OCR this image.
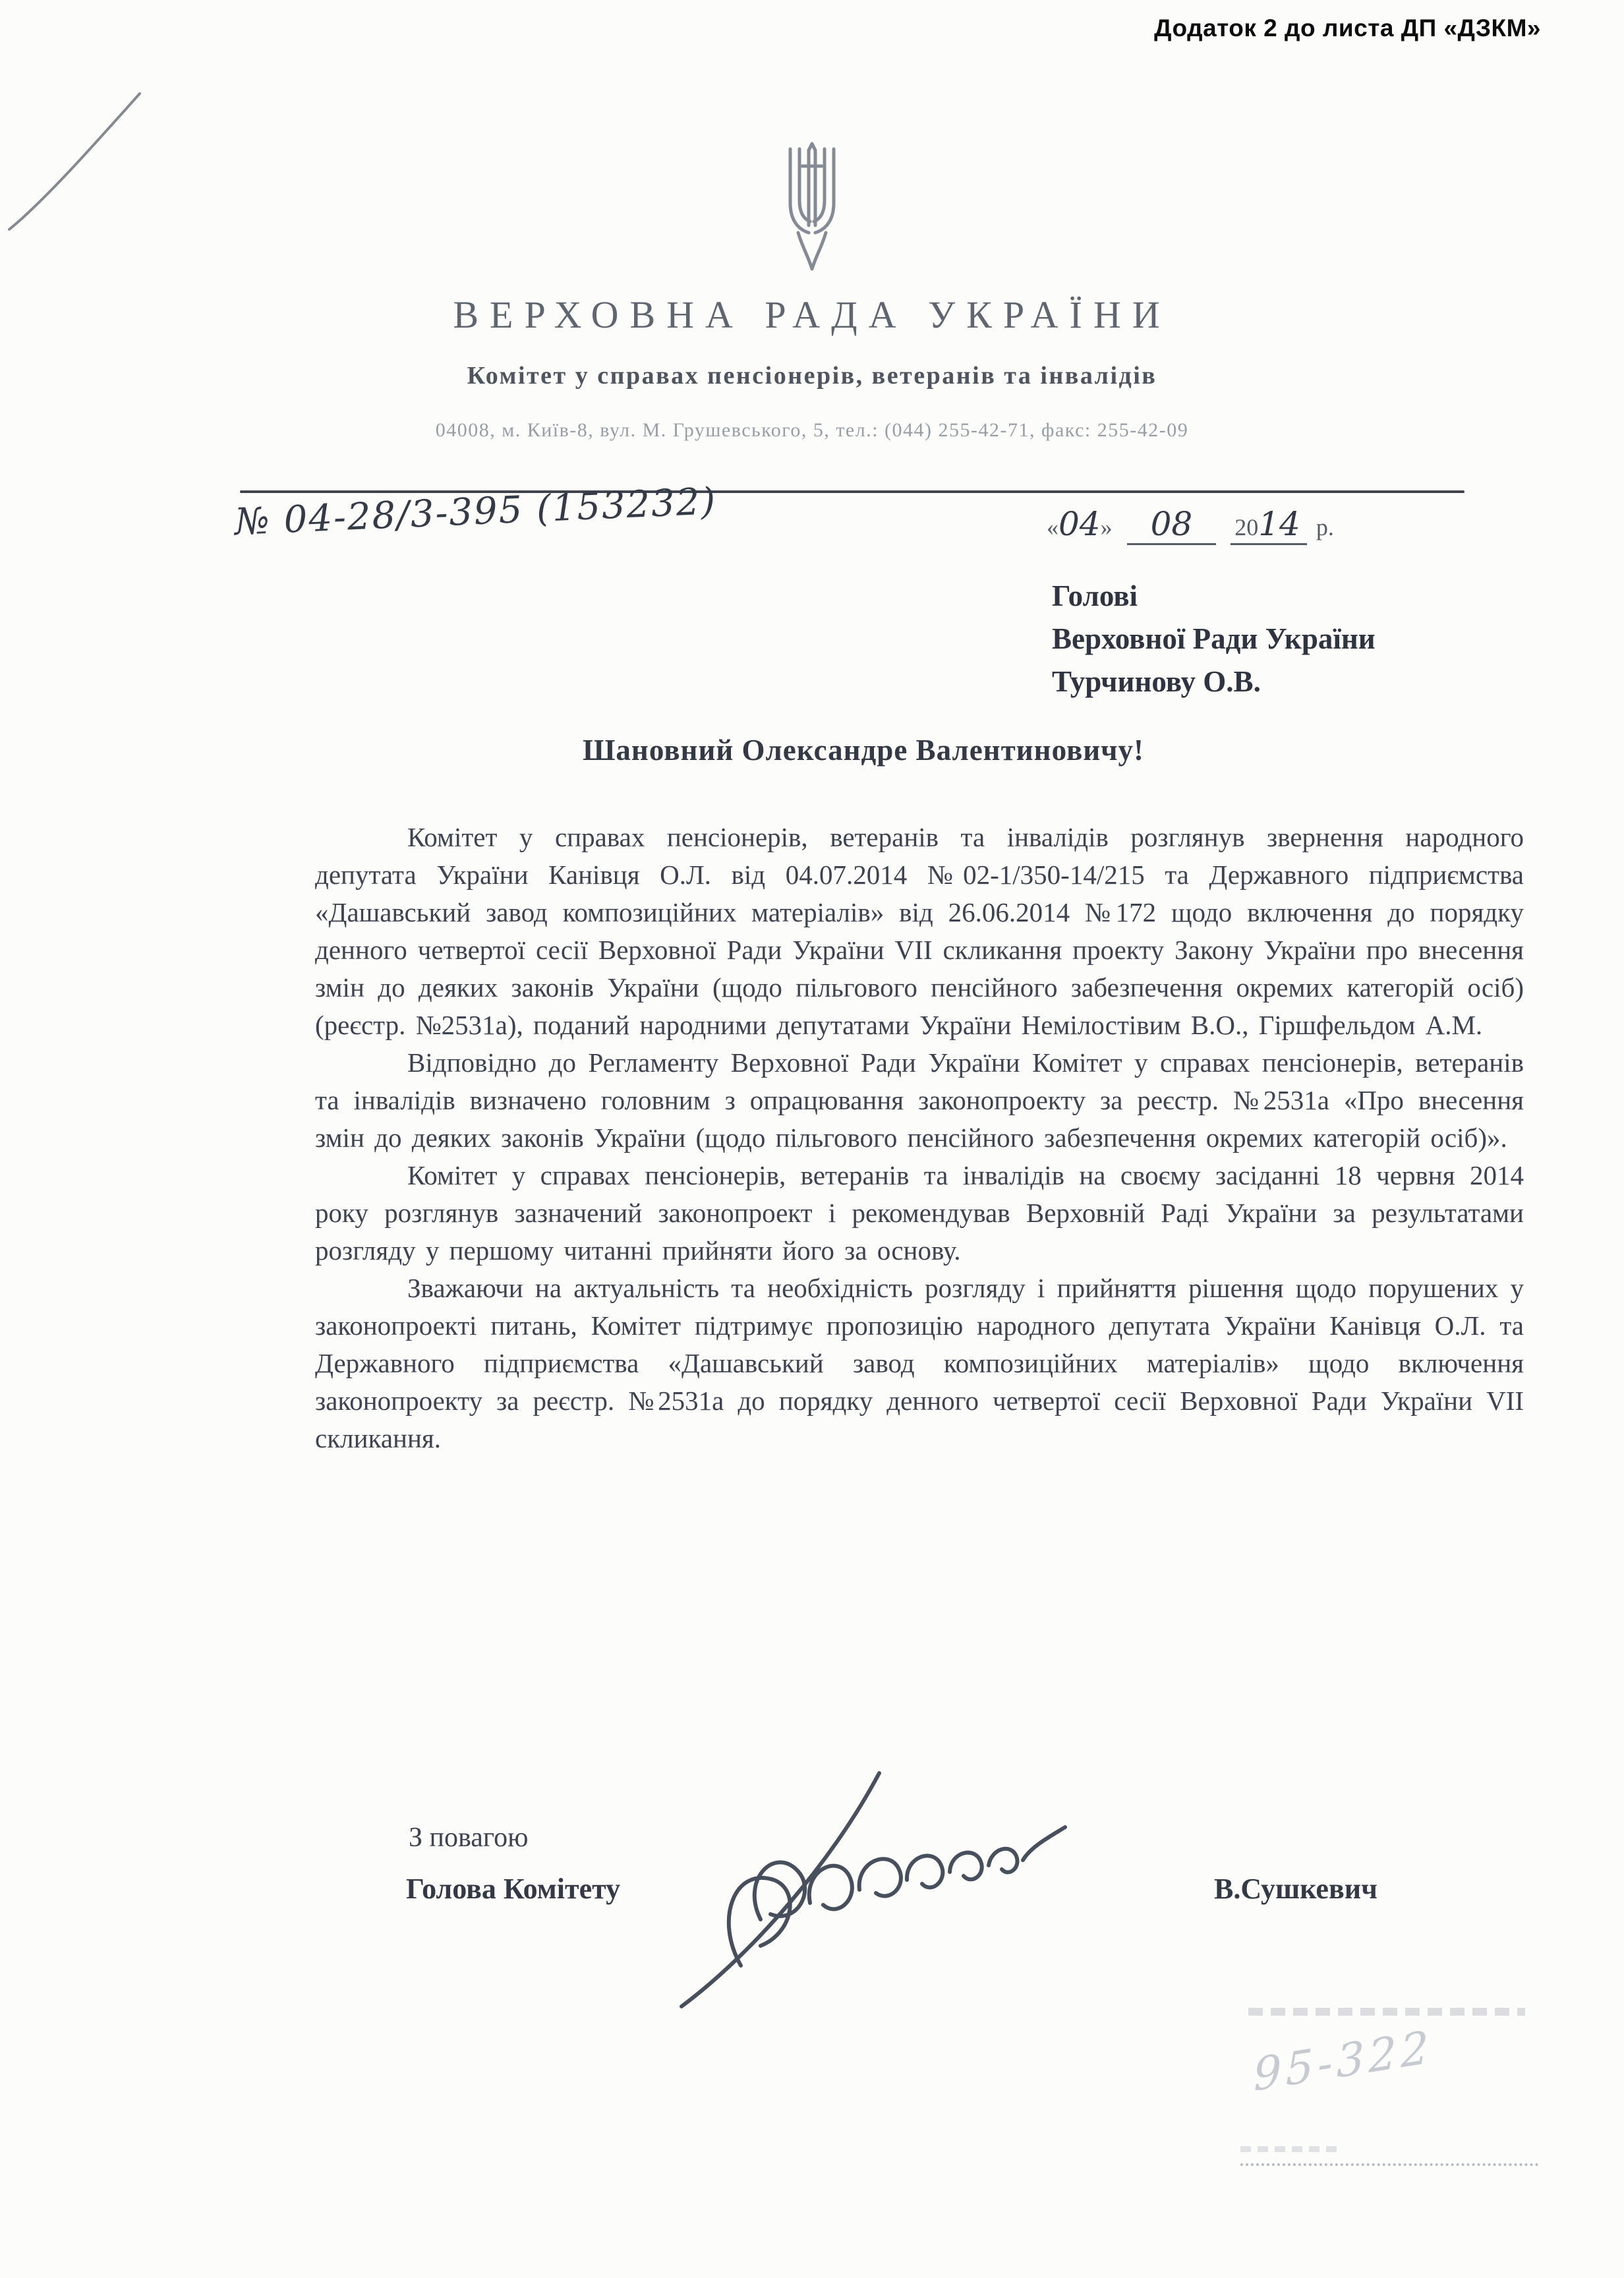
Додаток 2 до листа ДП «ДЗКМ»
ВЕРХОВНА РАДА УКРАЇНИ
Комітет у справах пенсіонерів, ветеранів та інвалідів
04008, м. Київ-8, вул. М. Грушевського, 5, тел.: (044) 255-42-71, факс: 255-42-09
№ 04-28/3-395 (153232)	« 04 »	08	2014 р.
Голові
Верховної Ради України
Турчинову О.В.
Шановний Олександре Валентиновичу!

Комітет у справах пенсіонерів, ветеранів та інвалідів розглянув звернення народного депутата України Канівця О.Л. від 04.07.2014 №02-1/350-14/215 та Державного підприємства «Дашавський завод композиційних матеріалів» від 26.06.2014 №172 щодо включення до порядку денного четвертої сесії Верховної Ради України VII скликання проекту Закону України про внесення змін до деяких законів України (щодо пільгового пенсійного забезпечення окремих категорій осіб) (реєстр. №2531а), поданий народними депутатами України Немілостівим В.О., Гіршфельдом А.М.

Відповідно до Регламенту Верховної Ради України Комітет у справах пенсіонерів, ветеранів та інвалідів визначено головним з опрацювання законопроекту за реєстр. №2531а «Про внесення змін до деяких законів України (щодо пільгового пенсійного забезпечення окремих категорій осіб)».

Комітет у справах пенсіонерів, ветеранів та інвалідів на своєму засіданні 18 червня 2014 року розглянув зазначений законопроект і рекомендував Верховній Раді України за результатами розгляду у першому читанні прийняти його за основу.

Зважаючи на актуальність та необхідність розгляду і прийняття рішення щодо порушених у законопроекті питань, Комітет підтримує пропозицію народного депутата України Канівця О.Л. та Державного підприємства «Дашавський завод композиційних матеріалів» щодо включення законопроекту за реєстр. №2531а до порядку денного четвертої сесії Верховної Ради України VII скликання.

З повагою
Голова Комітету	В.Сушкевич
95-322
